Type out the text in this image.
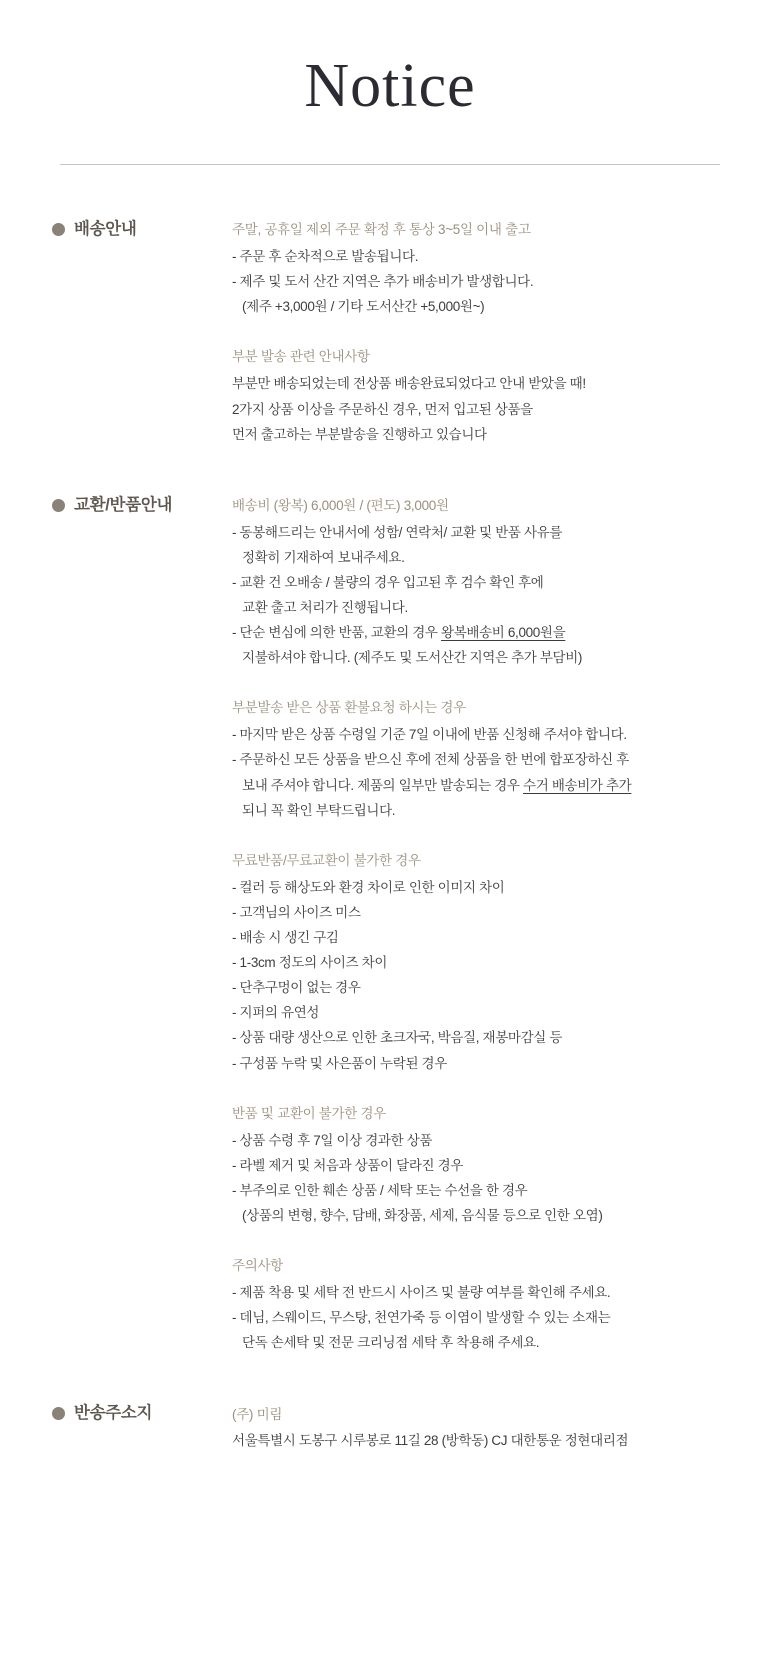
Notice
배송안내	주말, 공휴일 제외 주문 확정 후 통상 3~5일 이내 출고
- 주문 후 순차적으로 발송됩니다.
- 제주 및 도서 산간 지역은 추가 배송비가 발생합니다.
(제주 +3,000원 / 기타 도서산간 +5,000원~)
부분 발송 관련 안내사항
부분만 배송되었는데 전상품 배송완료되었다고 안내 받았을 때!
2가지 상품 이상을 주문하신 경우, 먼저 입고된 상품을
먼저 출고하는 부분발송을 진행하고 있습니다
교환/반품안내	배송비 (왕복) 6,000원 / (편도) 3,000원
- 동봉해드리는 안내서에 성함/ 연락처/ 교환 및 반품 사유를
정확히 기재하여 보내주세요.
- 교환 건 오배송 / 불량의 경우 입고된 후 검수 확인 후에
교환 출고 처리가 진행됩니다.
- 단순 변심에 의한 반품, 교환의 경우 왕복배송비 6,000원을
지불하셔야 합니다. (제주도 및 도서산간 지역은 추가 부담비)
부분발송 받은 상품 환불요청 하시는 경우
- 마지막 받은 상품 수령일 기준 7일 이내에 반품 신청해 주셔야 합니다.
- 주문하신 모든 상품을 받으신 후에 전체 상품을 한 번에 합포장하신 후
보내 주셔야 합니다. 제품의 일부만 발송되는 경우 수거 배송비가 추가
되니 꼭 확인 부탁드립니다.
무료반품/무료교환이 불가한 경우
- 컬러 등 해상도와 환경 차이로 인한 이미지 차이
- 고객님의 사이즈 미스
- 배송 시 생긴 구김
- 1-3cm 정도의 사이즈 차이
- 단추구멍이 없는 경우
- 지퍼의 유연성
- 상품 대량 생산으로 인한 초크자국, 박음질, 재봉마감실 등
- 구성품 누락 및 사은품이 누락된 경우
반품 및 교환이 불가한 경우
- 상품 수령 후 7일 이상 경과한 상품
- 라벨 제거 및 처음과 상품이 달라진 경우
- 부주의로 인한 훼손 상품 / 세탁 또는 수선을 한 경우
(상품의 변형, 향수, 담배, 화장품, 세제, 음식물 등으로 인한 오염)
주의사항
- 제품 착용 및 세탁 전 반드시 사이즈 및 불량 여부를 확인해 주세요.
- 데님, 스웨이드, 무스탕, 천연가죽 등 이염이 발생할 수 있는 소재는
단독 손세탁 및 전문 크리닝점 세탁 후 착용해 주세요.
반송주소지	(주) 미림
서울특별시 도봉구 시루봉로 11길 28 (방학동) CJ 대한통운 정현대리점
